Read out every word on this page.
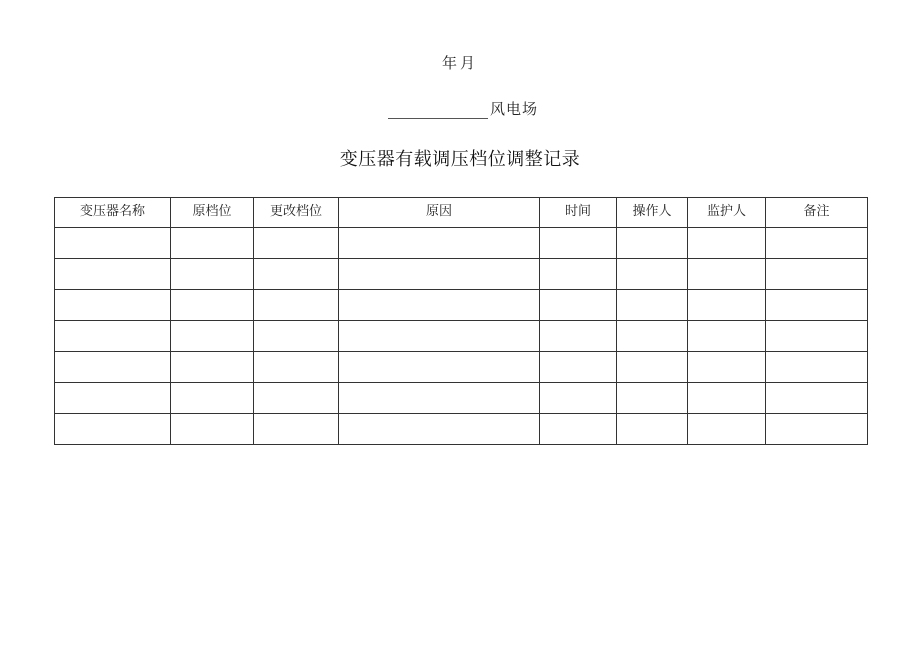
年月
风电场
变压器有载调压档位调整记录
变压器名称	原档位	更改档位	原因	时间	操作人	监护人	备注
